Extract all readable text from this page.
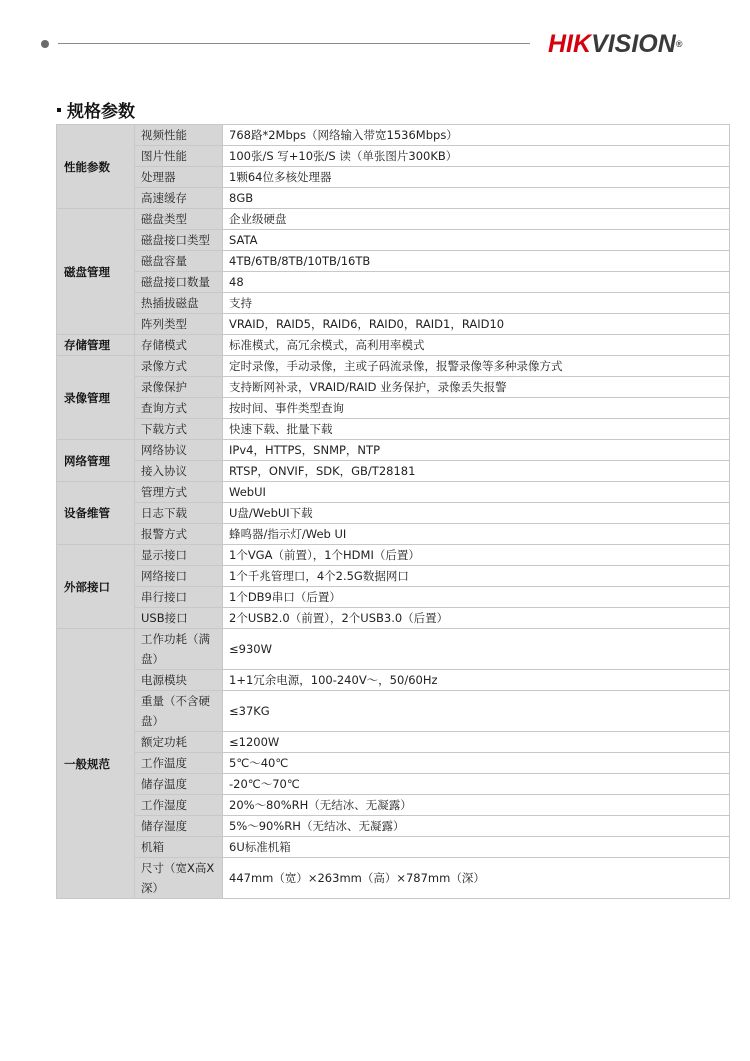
HIKVISION®
规格参数
性能参数	视频性能	768路*2Mbps（网络输入带宽1536Mbps）
	图片性能	100张/S 写+10张/S 读（单张图片300KB）
	处理器	1颗64位多核处理器
	高速缓存	8GB
磁盘管理	磁盘类型	企业级硬盘
	磁盘接口类型	SATA
	磁盘容量	4TB/6TB/8TB/10TB/16TB
	磁盘接口数量	48
	热插拔磁盘	支持
	阵列类型	VRAID，RAID5，RAID6，RAID0，RAID1，RAID10
存储管理	存储模式	标准模式，高冗余模式，高利用率模式
录像管理	录像方式	定时录像，手动录像，主或子码流录像，报警录像等多种录像方式
	录像保护	支持断网补录，VRAID/RAID 业务保护，录像丢失报警
	查询方式	按时间、事件类型查询
	下载方式	快速下载、批量下载
网络管理	网络协议	IPv4，HTTPS，SNMP，NTP
	接入协议	RTSP，ONVIF，SDK，GB/T28181
设备维管	管理方式	WebUI
	日志下载	U盘/WebUI下载
	报警方式	蜂鸣器/指示灯/Web UI
外部接口	显示接口	1个VGA（前置），1个HDMI（后置）
	网络接口	1个千兆管理口，4个2.5G数据网口
	串行接口	1个DB9串口（后置）
	USB接口	2个USB2.0（前置），2个USB3.0（后置）
一般规范	工作功耗（满盘）	≤930W
	电源模块	1+1冗余电源，100-240V～，50/60Hz
	重量（不含硬盘）	≤37KG
	额定功耗	≤1200W
	工作温度	5℃～40℃
	储存温度	-20℃～70℃
	工作湿度	20%～80%RH（无结冰、无凝露）
	储存湿度	5%～90%RH（无结冰、无凝露）
	机箱	6U标准机箱
	尺寸（宽X高X深）	447mm（宽）×263mm（高）×787mm（深）
